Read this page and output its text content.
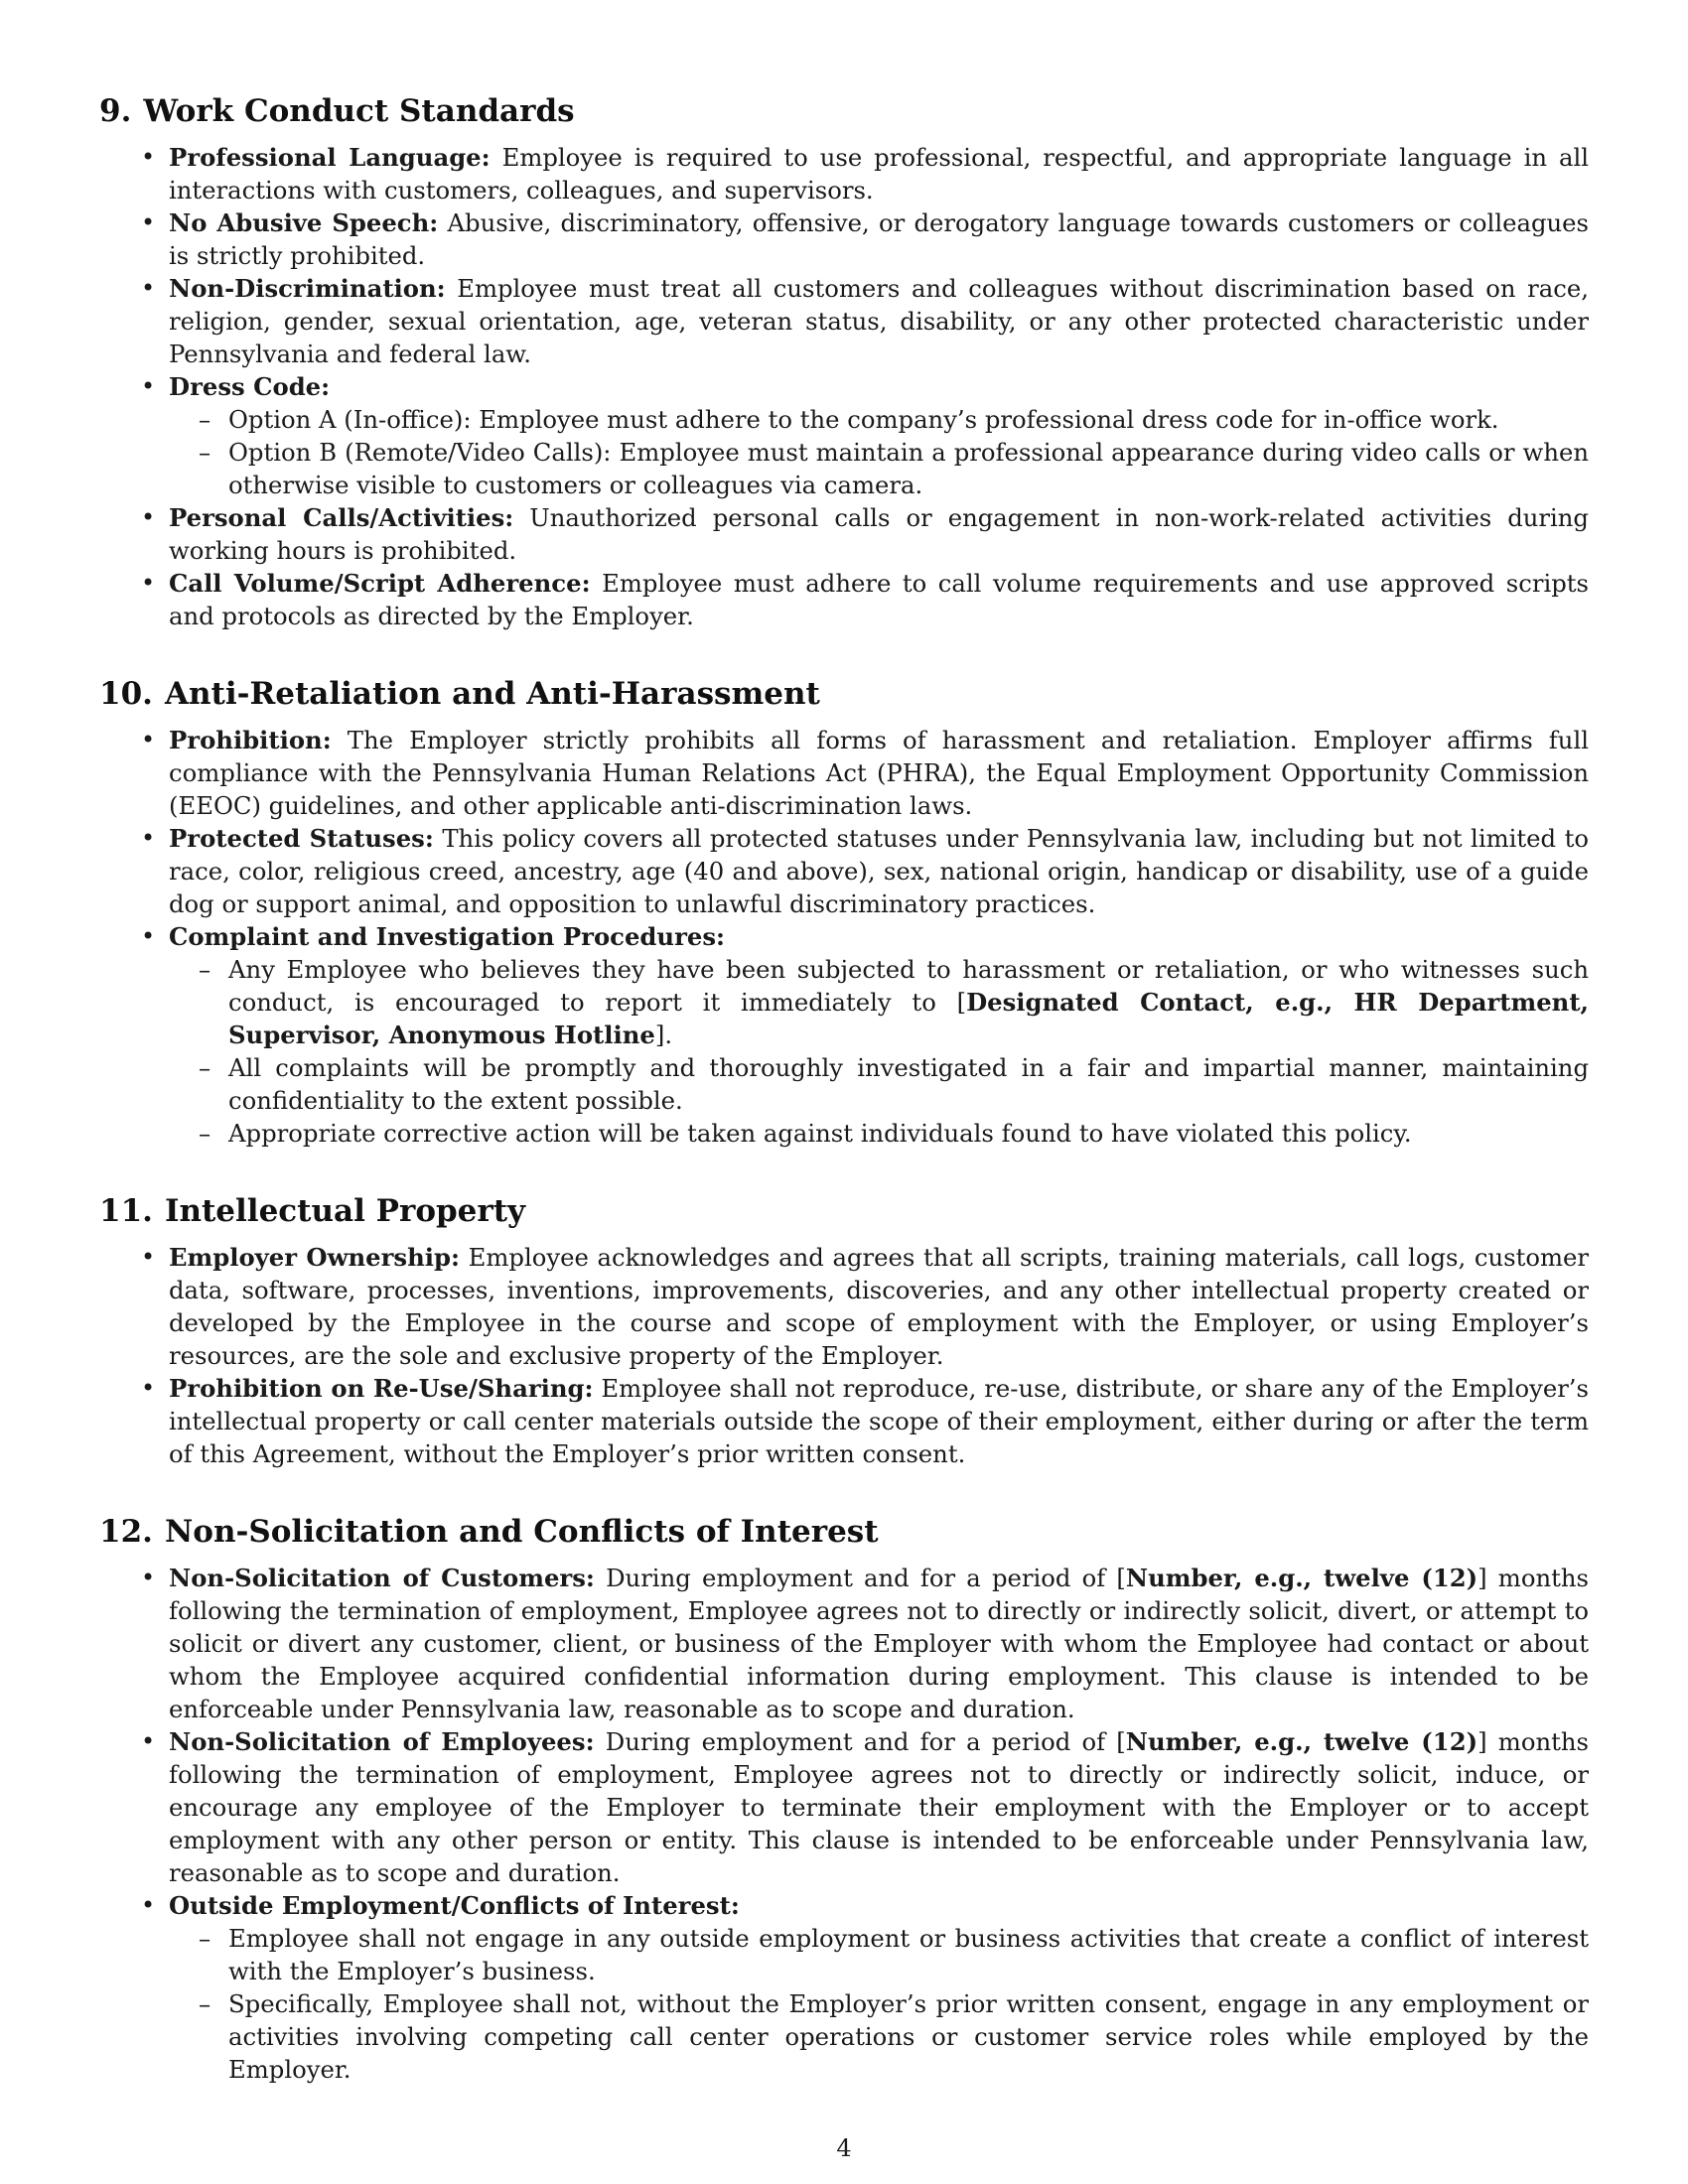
9. Work Conduct Standards
• Professional Language: Employee is required to use professional, respectful, and appropriate language in all interactions with customers, colleagues, and supervisors.
• No Abusive Speech: Abusive, discriminatory, offensive, or derogatory language towards customers or colleagues is strictly prohibited.
• Non-Discrimination: Employee must treat all customers and colleagues without discrimination based on race, religion, gender, sexual orientation, age, veteran status, disability, or any other protected characteristic under Pennsylvania and federal law.
• Dress Code:
– Option A (In-office): Employee must adhere to the company’s professional dress code for in-office work.
– Option B (Remote/Video Calls): Employee must maintain a professional appearance during video calls or when otherwise visible to customers or colleagues via camera.
• Personal Calls/Activities: Unauthorized personal calls or engagement in non-work-related activities during working hours is prohibited.
• Call Volume/Script Adherence: Employee must adhere to call volume requirements and use approved scripts and protocols as directed by the Employer.
10. Anti-Retaliation and Anti-Harassment
• Prohibition: The Employer strictly prohibits all forms of harassment and retaliation. Employer affirms full compliance with the Pennsylvania Human Relations Act (PHRA), the Equal Employment Opportunity Commission (EEOC) guidelines, and other applicable anti-discrimination laws.
• Protected Statuses: This policy covers all protected statuses under Pennsylvania law, including but not limited to race, color, religious creed, ancestry, age (40 and above), sex, national origin, handicap or disability, use of a guide dog or support animal, and opposition to unlawful discriminatory practices.
• Complaint and Investigation Procedures:
– Any Employee who believes they have been subjected to harassment or retaliation, or who witnesses such conduct, is encouraged to report it immediately to [Designated Contact, e.g., HR Department, Supervisor, Anonymous Hotline].
– All complaints will be promptly and thoroughly investigated in a fair and impartial manner, maintaining confidentiality to the extent possible.
– Appropriate corrective action will be taken against individuals found to have violated this policy.
11. Intellectual Property
• Employer Ownership: Employee acknowledges and agrees that all scripts, training materials, call logs, customer data, software, processes, inventions, improvements, discoveries, and any other intellectual property created or developed by the Employee in the course and scope of employment with the Employer, or using Employer’s resources, are the sole and exclusive property of the Employer.
• Prohibition on Re-Use/Sharing: Employee shall not reproduce, re-use, distribute, or share any of the Employer’s intellectual property or call center materials outside the scope of their employment, either during or after the term of this Agreement, without the Employer’s prior written consent.
12. Non-Solicitation and Conflicts of Interest
• Non-Solicitation of Customers: During employment and for a period of [Number, e.g., twelve (12)] months following the termination of employment, Employee agrees not to directly or indirectly solicit, divert, or attempt to solicit or divert any customer, client, or business of the Employer with whom the Employee had contact or about whom the Employee acquired confidential information during employment. This clause is intended to be enforceable under Pennsylvania law, reasonable as to scope and duration.
• Non-Solicitation of Employees: During employment and for a period of [Number, e.g., twelve (12)] months following the termination of employment, Employee agrees not to directly or indirectly solicit, induce, or encourage any employee of the Employer to terminate their employment with the Employer or to accept employment with any other person or entity. This clause is intended to be enforceable under Pennsylvania law, reasonable as to scope and duration.
• Outside Employment/Conflicts of Interest:
– Employee shall not engage in any outside employment or business activities that create a conflict of interest with the Employer’s business.
– Specifically, Employee shall not, without the Employer’s prior written consent, engage in any employment or activities involving competing call center operations or customer service roles while employed by the Employer.
4
